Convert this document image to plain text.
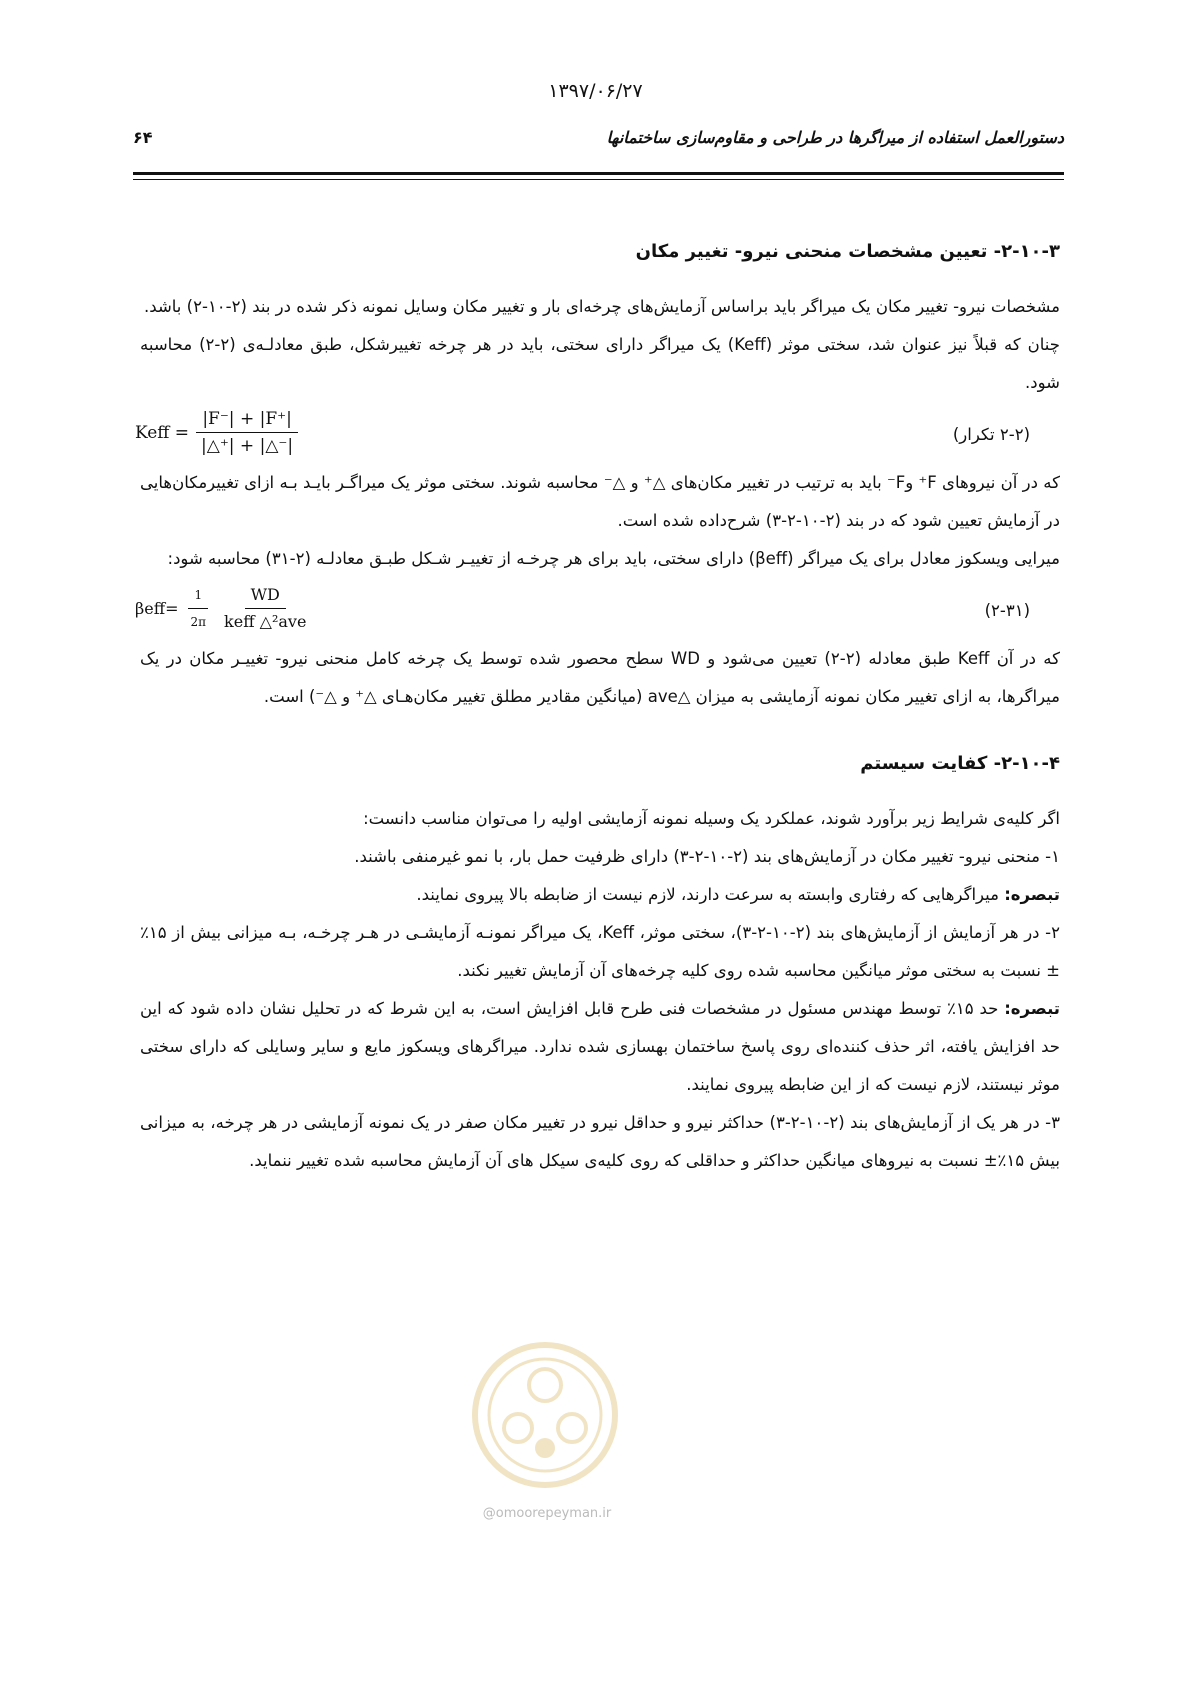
۱۳۹۷/۰۶/۲۷
دستورالعمل استفاده از میراگرها در طراحی و مقاوم‌سازی ساختمانها
۶۴
۲-۱۰-۳- تعیین مشخصات منحنی نیرو- تغییر مکان

مشخصات نیرو- تغییر مکان یک میراگر باید براساس آزمایش‌های چرخه‌ای بار و تغییر مکان وسایل نمونه ذکر شده در بند (۲-۱۰-۲) باشد.

چنان که قبلاً نیز عنوان شد، سختی موثر (Keff) یک میراگر دارای سختی، باید در هر چرخه تغییرشکل، طبق معادلـه‌ی (۲-۲) محاسبه شود.

Keff = $\frac{|F^-| + |F^+|}{|\triangle^+| + |\triangle^-|}$	(۲-۲ تکرار)

که در آن نیروهای F⁺ وF⁻ باید به ترتیب در تغییر مکان‌های △⁺ و △⁻ محاسبه شوند. سختی موثر یک میراگـر بایـد بـه ازای تغییرمکان‌هایی در آزمایش تعیین شود که در بند (۲-۱۰-۲-۳) شرح‌داده شده است.

میرایی ویسکوز معادل برای یک میراگر (βeff) دارای سختی، باید برای هر چرخـه از تغییـر شـکل طبـق معادلـه (۲-۳۱) محاسبه شود:

$\beta eff= \frac{1}{2\pi} \frac{WD}{\text{keff △²ave}}$	(۲-۳۱)

که در آن Keff طبق معادله (۲-۲) تعیین می‌شود و WD سطح محصور شده توسط یک چرخه کامل منحنی نیرو- تغییـر مکان در یک میراگرها، به ازای تغییر مکان نمونه آزمایشی به میزان △ave (میانگین مقادیر مطلق تغییر مکان‌هـای △⁺ و △⁻) است.

۲-۱۰-۴- کفایت سیستم

اگر کلیه‌ی شرایط زیر برآورد شوند، عملکرد یک وسیله نمونه آزمایشی اولیه را می‌توان مناسب دانست:

۱- منحنی نیرو- تغییر مکان در آزمایش‌های بند (۲-۱۰-۲-۳) دارای ظرفیت حمل بار، با نمو غیرمنفی باشند.

تبصره: میراگرهایی که رفتاری وابسته به سرعت دارند، لازم نیست از ضابطه بالا پیروی نمایند.

۲- در هر آزمایش از آزمایش‌های بند (۲-۱۰-۲-۳)، سختی موثر، Keff، یک میراگر نمونـه آزمایشـی در هـر چرخـه، بـه میزانی بیش از ۱۵٪± نسبت به سختی موثر میانگین محاسبه شده روی کلیه چرخه‌های آن آزمایش تغییر نکند.

تبصره: حد ۱۵٪ توسط مهندس مسئول در مشخصات فنی طرح قابل افزایش است، به این شرط که در تحلیل نشان داده شود که این حد افزایش یافته، اثر حذف کننده‌ای روی پاسخ ساختمان بهسازی شده ندارد. میراگرهای ویسکوز مایع و سایر وسایلی که دارای سختی موثر نیستند، لازم نیست که از این ضابطه پیروی نمایند.

۳- در هر یک از آزمایش‌های بند (۲-۱۰-۲-۳) حداکثر نیرو و حداقل نیرو در تغییر مکان صفر در یک نمونه آزمایشی در هر چرخه، به میزانی بیش ۱۵٪± نسبت به نیروهای میانگین حداکثر و حداقلی که روی کلیه‌ی سیکل های آن آزمایش محاسبه شده تغییر ننماید.

@omoorepeyman.ir
